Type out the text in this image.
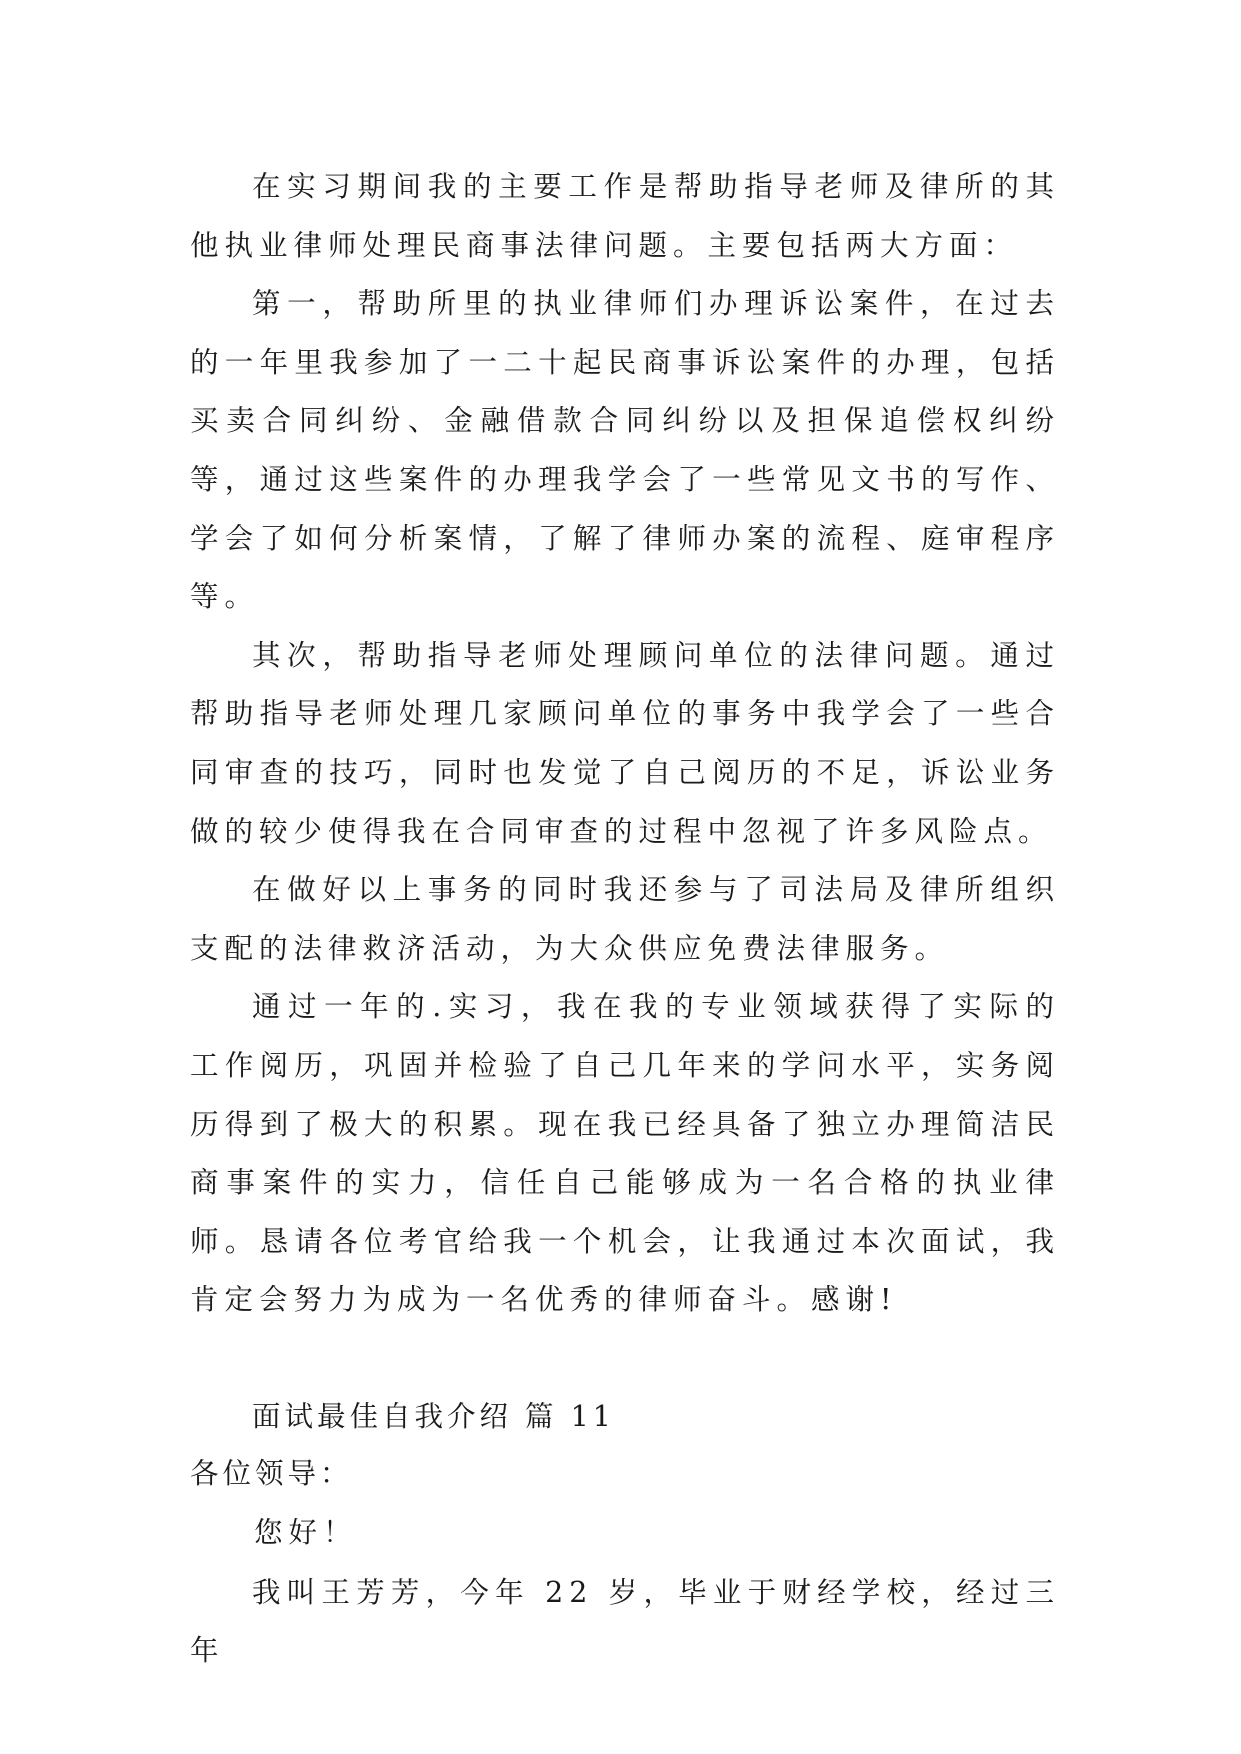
在实习期间我的主要工作是帮助指导老师及律所的其他执业律师处理民商事法律问题。主要包括两大方面：

第一，帮助所里的执业律师们办理诉讼案件，在过去的一年里我参加了一二十起民商事诉讼案件的办理，包括买卖合同纠纷、金融借款合同纠纷以及担保追偿权纠纷等，通过这些案件的办理我学会了一些常见文书的写作、学会了如何分析案情，了解了律师办案的流程、庭审程序等。

其次，帮助指导老师处理顾问单位的法律问题。通过帮助指导老师处理几家顾问单位的事务中我学会了一些合同审查的技巧，同时也发觉了自己阅历的不足，诉讼业务做的较少使得我在合同审查的过程中忽视了许多风险点。

在做好以上事务的同时我还参与了司法局及律所组织支配的法律救济活动，为大众供应免费法律服务。

通过一年的.实习，我在我的专业领域获得了实际的工作阅历，巩固并检验了自己几年来的学问水平，实务阅历得到了极大的积累。现在我已经具备了独立办理简洁民商事案件的实力，信任自己能够成为一名合格的执业律师。恳请各位考官给我一个机会，让我通过本次面试，我肯定会努力为成为一名优秀的律师奋斗。感谢!

面试最佳自我介绍 篇 11

各位领导：

您好！

我叫王芳芳，今年 22 岁，毕业于财经学校，经过三年
